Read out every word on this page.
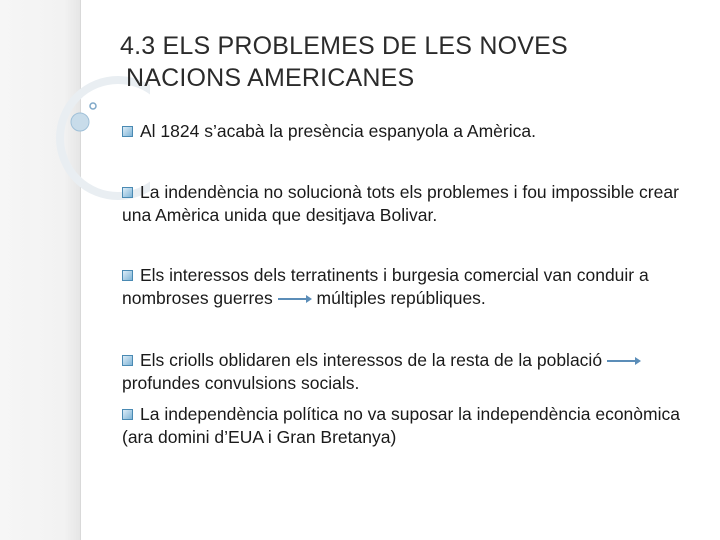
4.3 ELS PROBLEMES DE LES NOVES
NACIONS AMERICANES
Al 1824 s’acabà la presència espanyola a Amèrica.
La indendència no solucionà tots els problemes i fou impossible crear una Amèrica unida que desitjava Bolivar.
Els interessos dels terratinents i burgesia comercial van conduir a nombroses guerres	múltiples repúbliques.
Els criolls oblidaren els interessos de la resta de la població  profundes convulsions socials.
La independència política no va suposar la independència econòmica (ara domini d’EUA i Gran Bretanya)
